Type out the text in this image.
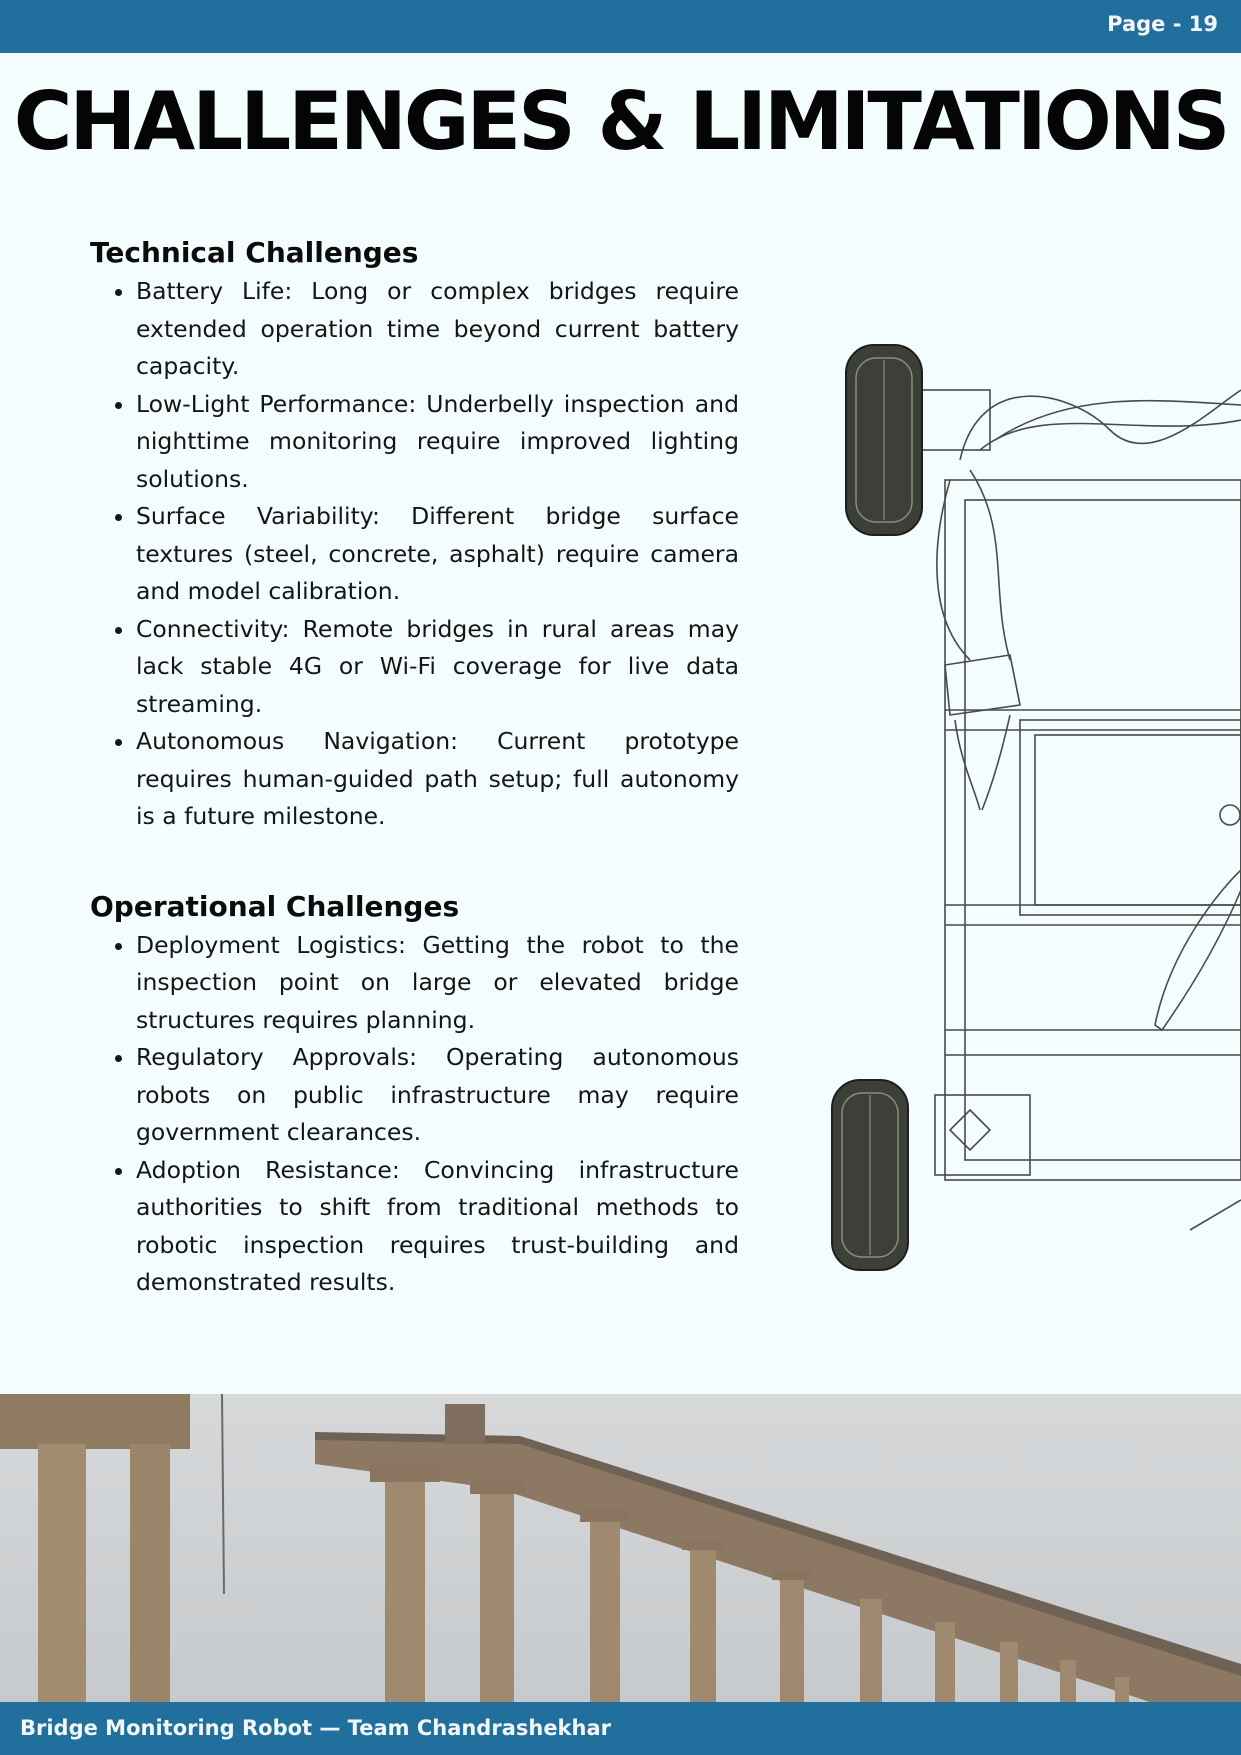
Page - 19
CHALLENGES & LIMITATIONS
Technical Challenges
• Battery Life: Long or complex bridges require extended operation time beyond current battery capacity.
• Low-Light Performance: Underbelly inspection and nighttime monitoring require improved lighting solutions.
• Surface Variability: Different bridge surface textures (steel, concrete, asphalt) require camera and model calibration.
• Connectivity: Remote bridges in rural areas may lack stable 4G or Wi-Fi coverage for live data streaming.
• Autonomous Navigation: Current prototype requires human-guided path setup; full autonomy is a future milestone.
Operational Challenges
• Deployment Logistics: Getting the robot to the inspection point on large or elevated bridge structures requires planning.
• Regulatory Approvals: Operating autonomous robots on public infrastructure may require government clearances.
• Adoption Resistance: Convincing infrastructure authorities to shift from traditional methods to robotic inspection requires trust-building and demonstrated results.
Bridge Monitoring Robot — Team Chandrashekhar
